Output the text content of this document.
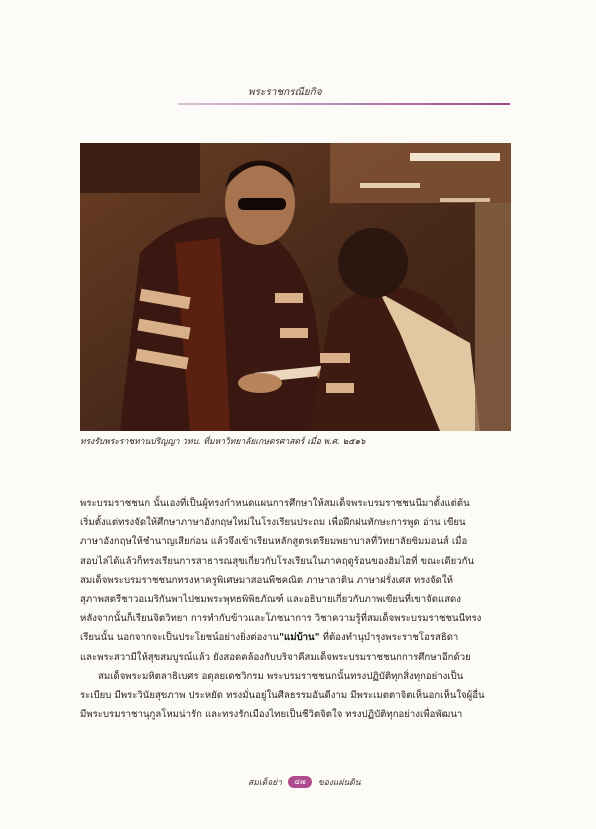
พระราชกรณียกิจ
ทรงรับพระราชทานปริญญา วทบ. ที่มหาวิทยาลัยเกษตรศาสตร์ เมื่อ พ.ศ. ๒๕๑๖

พระบรมราชชนก นั้นเองที่เป็นผู้ทรงกำหนดแผนการศึกษาให้สมเด็จพระบรมราชชนนีมาตั้งแต่ต้น

เริ่มตั้งแต่ทรงจัดให้ศึกษาภาษาอังกฤษใหม่ในโรงเรียนประถม เพื่อฝึกฝนทักษะการพูด อ่าน เขียน

ภาษาอังกฤษให้ชำนาญเสียก่อน แล้วจึงเข้าเรียนหลักสูตรเตรียมพยาบาลที่วิทยาลัยซิมมอนส์ เมื่อ

สอบไล่ได้แล้วก็ทรงเรียนการสาธารณสุขเกี่ยวกับโรงเรียนในภาคฤดูร้อนของฮิมไฮที่ ขณะเดียวกัน

สมเด็จพระบรมราชชนกทรงหาครูพิเศษมาสอนพีชคณิต ภาษาลาติน ภาษาฝรั่งเศส ทรงจัดให้

สุภาพสตรีชาวอเมริกันพาไปชมพระพุทธพิพิธภัณฑ์ และอธิบายเกี่ยวกับภาพเขียนที่เขาจัดแสดง

หลังจากนั้นก็เรียนจิตวิทยา การทำกับข้าวและโภชนาการ วิชาความรู้ที่สมเด็จพระบรมราชชนนีทรง

เรียนนั้น นอกจากจะเป็นประโยชน์อย่างยิ่งต่องาน"แม่บ้าน" ที่ต้องทำนุบำรุงพระราชโอรสธิดา

และพระสวามีให้สุขสมบูรณ์แล้ว ยังสอดคล้องกับบริจาคีสมเด็จพระบรมราชชนกการศึกษาอีกด้วย

สมเด็จพระมหิตลาธิเบศร อดุลยเดชวิกรม พระบรมราชชนกนั้นทรงปฏิบัติทุกสิ่งทุกอย่างเป็น

ระเบียบ มีพระวินัยสุขภาพ ประหยัด ทรงมั่นอยู่ในศีลธรรมอันดีงาม มีพระเมตตาจิตเห็นอกเห็นใจผู้อื่น

มีพระบรมราชานุกูลโหมน่ารัก และทรงรักเมืองไทยเป็นชีวิตจิตใจ ทรงปฏิบัติทุกอย่างเพื่อพัฒนา

สมเด็จย่า	๔๗	ของแผ่นดิน
